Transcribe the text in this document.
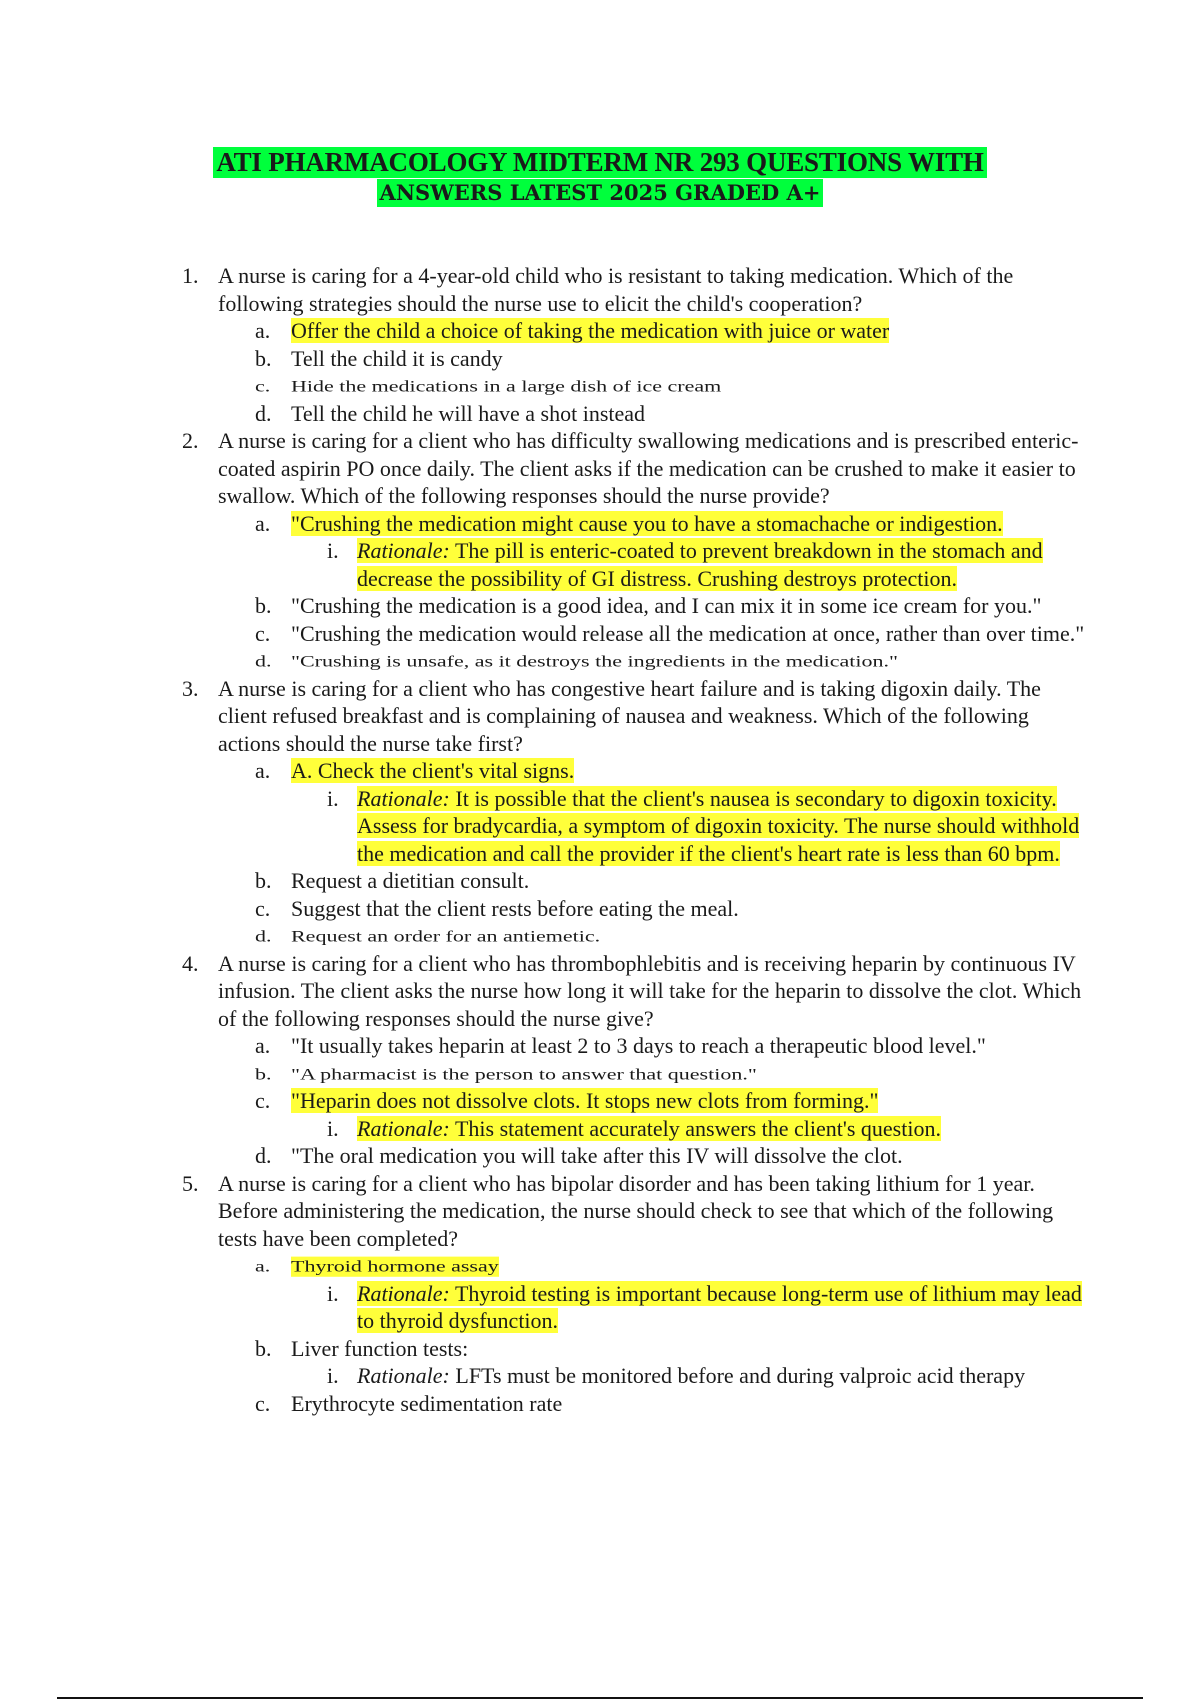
ATI PHARMACOLOGY MIDTERM NR 293 QUESTIONS WITH
ANSWERS LATEST 2025 GRADED A+
1. A nurse is caring for a 4-year-old child who is resistant to taking medication. Which of the following strategies should the nurse use to elicit the child's cooperation?
a. Offer the child a choice of taking the medication with juice or water
b. Tell the child it is candy
c. Hide the medications in a large dish of ice cream
d. Tell the child he will have a shot instead
2. A nurse is caring for a client who has difficulty swallowing medications and is prescribed enteric-coated aspirin PO once daily. The client asks if the medication can be crushed to make it easier to swallow. Which of the following responses should the nurse provide?
a. "Crushing the medication might cause you to have a stomachache or indigestion.
i. Rationale: The pill is enteric-coated to prevent breakdown in the stomach and decrease the possibility of GI distress. Crushing destroys protection.
b. "Crushing the medication is a good idea, and I can mix it in some ice cream for you."
c. "Crushing the medication would release all the medication at once, rather than over time."
d. "Crushing is unsafe, as it destroys the ingredients in the medication."
3. A nurse is caring for a client who has congestive heart failure and is taking digoxin daily. The client refused breakfast and is complaining of nausea and weakness. Which of the following actions should the nurse take first?
a. A. Check the client's vital signs.
i. Rationale: It is possible that the client's nausea is secondary to digoxin toxicity. Assess for bradycardia, a symptom of digoxin toxicity. The nurse should withhold the medication and call the provider if the client's heart rate is less than 60 bpm.
b. Request a dietitian consult.
c. Suggest that the client rests before eating the meal.
d. Request an order for an antiemetic.
4. A nurse is caring for a client who has thrombophlebitis and is receiving heparin by continuous IV infusion. The client asks the nurse how long it will take for the heparin to dissolve the clot. Which of the following responses should the nurse give?
a. "It usually takes heparin at least 2 to 3 days to reach a therapeutic blood level."
b. "A pharmacist is the person to answer that question."
c. "Heparin does not dissolve clots. It stops new clots from forming."
i. Rationale: This statement accurately answers the client's question.
d. "The oral medication you will take after this IV will dissolve the clot.
5. A nurse is caring for a client who has bipolar disorder and has been taking lithium for 1 year. Before administering the medication, the nurse should check to see that which of the following tests have been completed?
a. Thyroid hormone assay
i. Rationale: Thyroid testing is important because long-term use of lithium may lead to thyroid dysfunction.
b. Liver function tests:
i. Rationale: LFTs must be monitored before and during valproic acid therapy
c. Erythrocyte sedimentation rate
